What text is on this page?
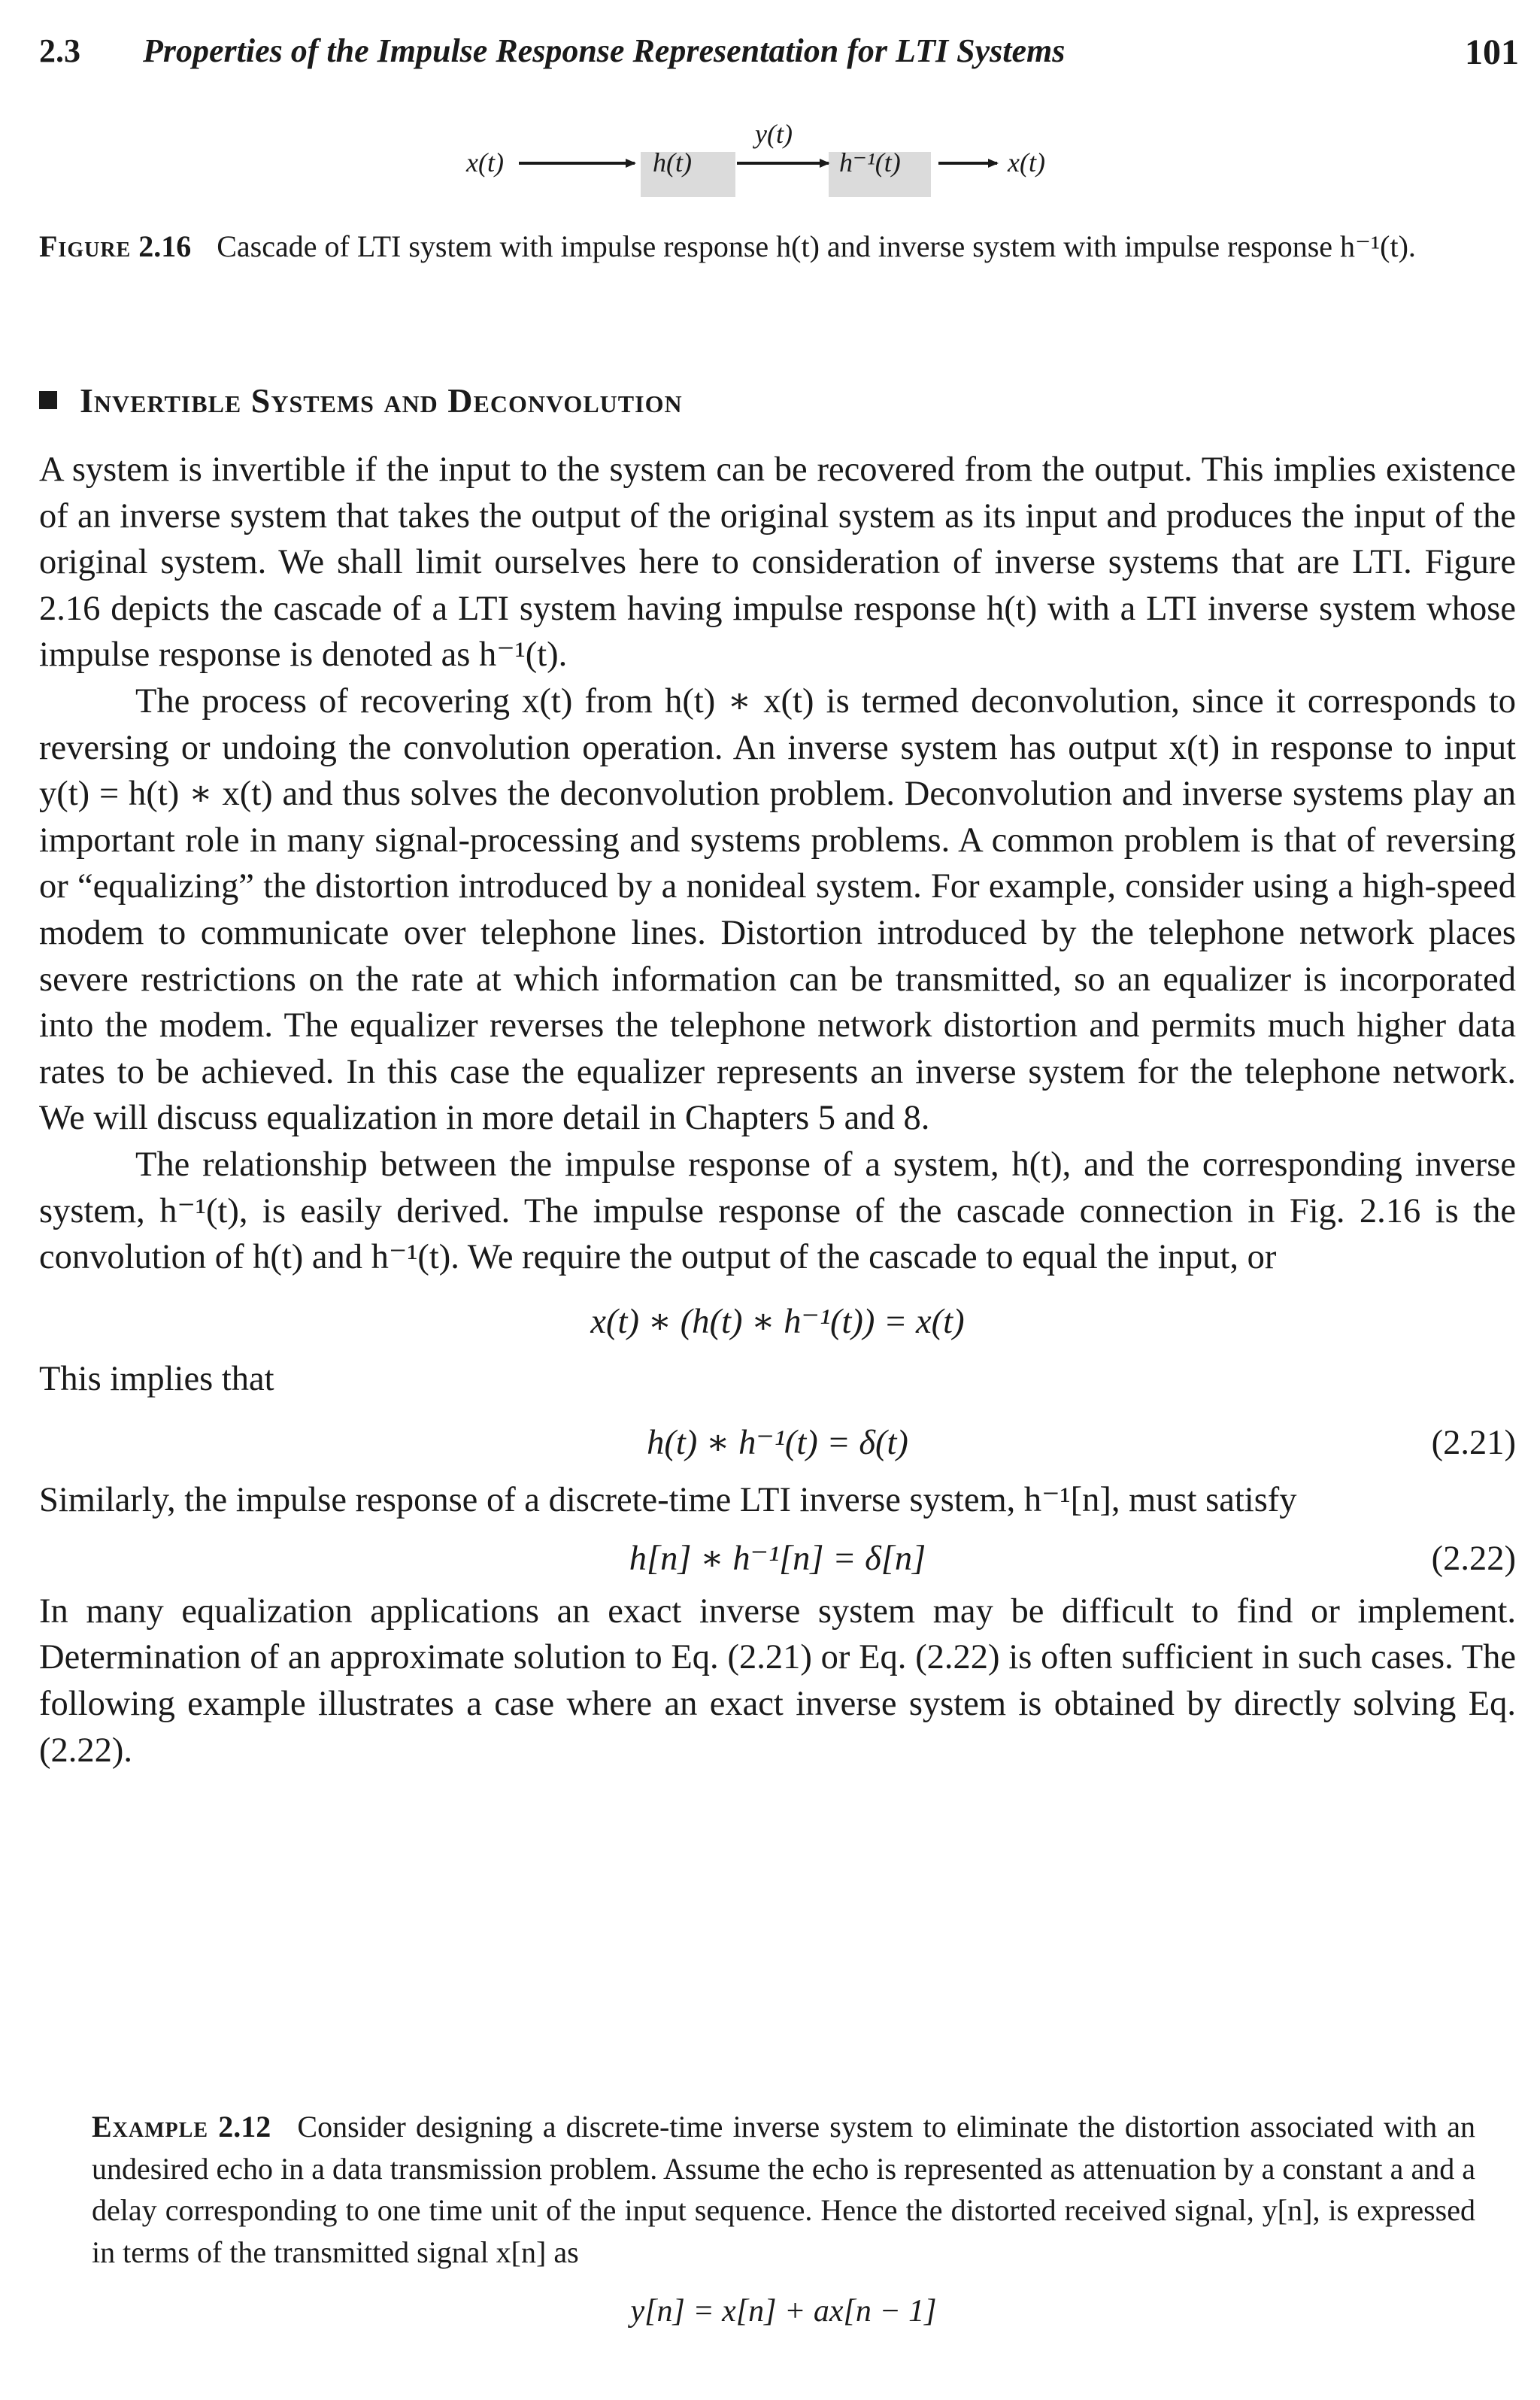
2.3 Properties of the Impulse Response Representation for LTI Systems	101
x(t)	h(t)
y(t)
h⁻¹(t)	x(t)
Figure 2.16 Cascade of LTI system with impulse response h(t) and inverse system with impulse response h⁻¹(t).
Invertible Systems and Deconvolution

A system is invertible if the input to the system can be recovered from the output. This implies existence of an inverse system that takes the output of the original system as its input and produces the input of the original system. We shall limit ourselves here to consideration of inverse systems that are LTI. Figure 2.16 depicts the cascade of a LTI system having impulse response h(t) with a LTI inverse system whose impulse response is denoted as h⁻¹(t).

The process of recovering x(t) from h(t) ∗ x(t) is termed deconvolution, since it corresponds to reversing or undoing the convolution operation. An inverse system has output x(t) in response to input y(t) = h(t) ∗ x(t) and thus solves the deconvolution problem. Deconvolution and inverse systems play an important role in many signal-processing and systems problems. A common problem is that of reversing or “equalizing” the distortion introduced by a nonideal system. For example, consider using a high-speed modem to communicate over telephone lines. Distortion introduced by the telephone network places severe restrictions on the rate at which information can be transmitted, so an equalizer is incorporated into the modem. The equalizer reverses the telephone network distortion and permits much higher data rates to be achieved. In this case the equalizer represents an inverse system for the telephone network. We will discuss equalization in more detail in Chapters 5 and 8.

The relationship between the impulse response of a system, h(t), and the corresponding inverse system, h⁻¹(t), is easily derived. The impulse response of the cascade connection in Fig. 2.16 is the convolution of h(t) and h⁻¹(t). We require the output of the cascade to equal the input, or

x(t) ∗ (h(t) ∗ h⁻¹(t)) = x(t)

This implies that

h(t) ∗ h⁻¹(t) = δ(t)	(2.21)

Similarly, the impulse response of a discrete-time LTI inverse system, h⁻¹[n], must satisfy

h[n] ∗ h⁻¹[n] = δ[n]	(2.22)

In many equalization applications an exact inverse system may be difficult to find or implement. Determination of an approximate solution to Eq. (2.21) or Eq. (2.22) is often sufficient in such cases. The following example illustrates a case where an exact inverse system is obtained by directly solving Eq. (2.22).

Example 2.12 Consider designing a discrete-time inverse system to eliminate the distortion associated with an undesired echo in a data transmission problem. Assume the echo is represented as attenuation by a constant a and a delay corresponding to one time unit of the input sequence. Hence the distorted received signal, y[n], is expressed in terms of the transmitted signal x[n] as
y[n] = x[n] + ax[n − 1]
